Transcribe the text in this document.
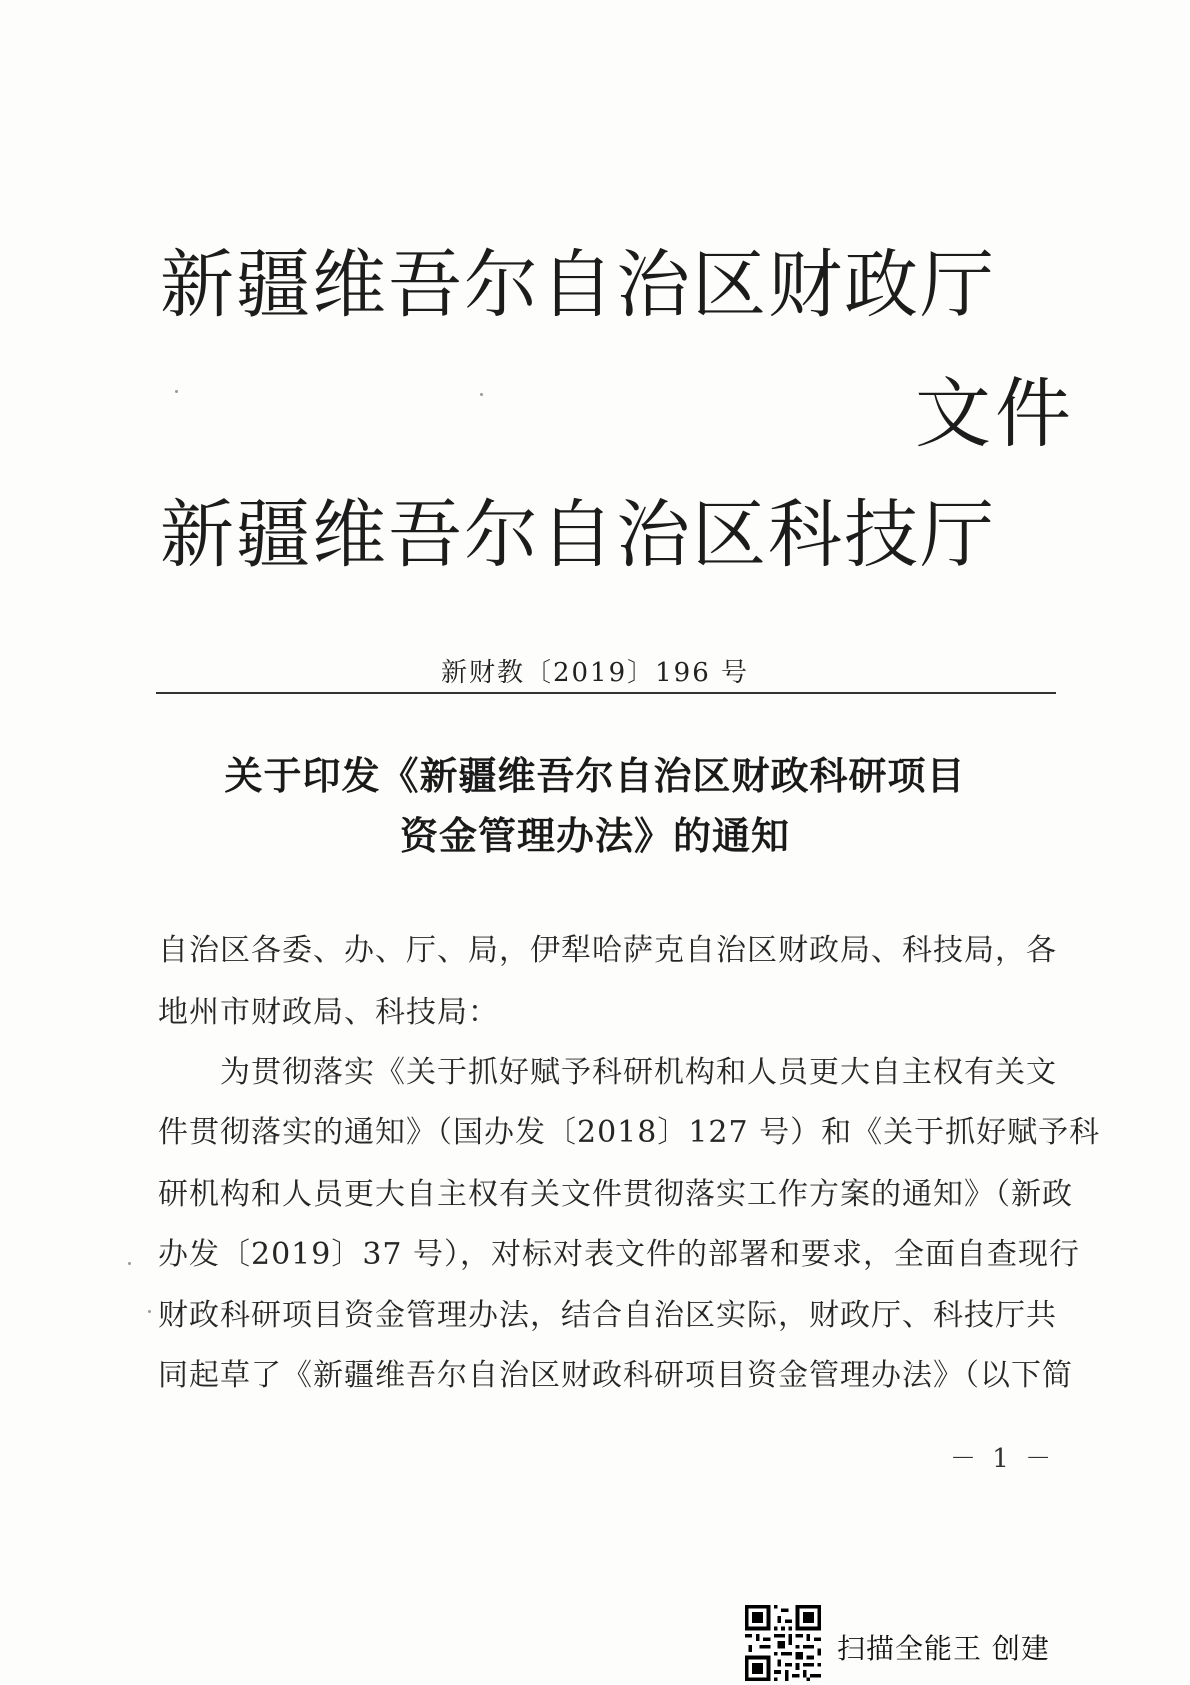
新疆维吾尔自治区财政厅
文件
新疆维吾尔自治区科技厅
新财教〔2019〕196 号
关于印发《新疆维吾尔自治区财政科研项目
资金管理办法》的通知
自治区各委、办、厅、局，伊犁哈萨克自治区财政局、科技局，各
地州市财政局、科技局：
　　为贯彻落实《关于抓好赋予科研机构和人员更大自主权有关文
件贯彻落实的通知》（国办发〔2018〕127 号）和《关于抓好赋予科
研机构和人员更大自主权有关文件贯彻落实工作方案的通知》（新政
办发〔2019〕37 号），对标对表文件的部署和要求，全面自查现行
财政科研项目资金管理办法，结合自治区实际，财政厅、科技厅共
同起草了《新疆维吾尔自治区财政科研项目资金管理办法》（以下简
－ 1 －
扫描全能王 创建
